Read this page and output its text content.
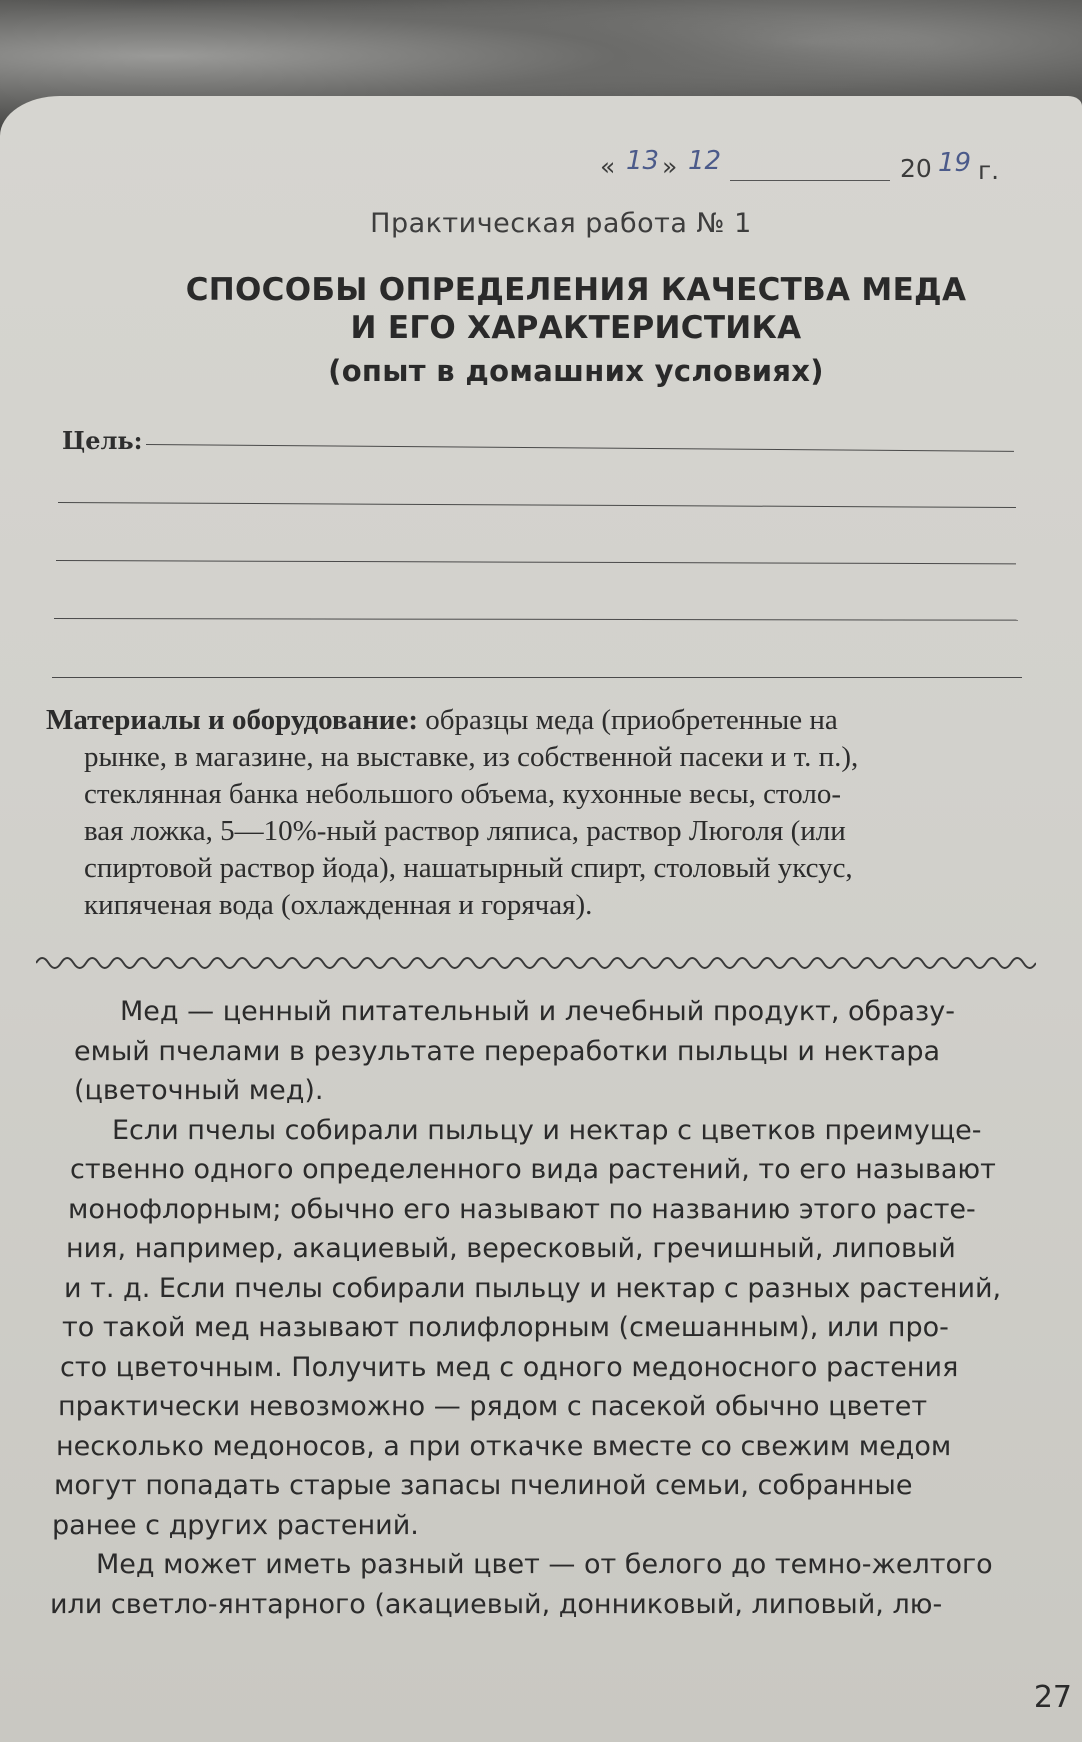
« 13 » 12	20 19 г.
Практическая работа № 1
СПОСОБЫ ОПРЕДЕЛЕНИЯ КАЧЕСТВА МЕДА
И ЕГО ХАРАКТЕРИСТИКА
(опыт в домашних условиях)
Цель:
Материалы и оборудование: образцы меда (приобретенные на
рынке, в магазине, на выставке, из собственной пасеки и т. п.),
стеклянная банка небольшого объема, кухонные весы, столо-
вая ложка, 5—10%-ный раствор ляписа, раствор Люголя (или
спиртовой раствор йода), нашатырный спирт, столовый уксус,
кипяченая вода (охлажденная и горячая).
Мед — ценный питательный и лечебный продукт, образу-
емый пчелами в результате переработки пыльцы и нектара
(цветочный мед).
Если пчелы собирали пыльцу и нектар с цветков преимуще-
ственно одного определенного вида растений, то его называют
монофлорным; обычно его называют по названию этого расте-
ния, например, акациевый, вересковый, гречишный, липовый
и т. д. Если пчелы собирали пыльцу и нектар с разных растений,
то такой мед называют полифлорным (смешанным), или про-
сто цветочным. Получить мед с одного медоносного растения
практически невозможно — рядом с пасекой обычно цветет
несколько медоносов, а при откачке вместе со свежим медом
могут попадать старые запасы пчелиной семьи, собранные
ранее с других растений.
Мед может иметь разный цвет — от белого до темно-желтого
или светло-янтарного (акациевый, донниковый, липовый, лю-
27
